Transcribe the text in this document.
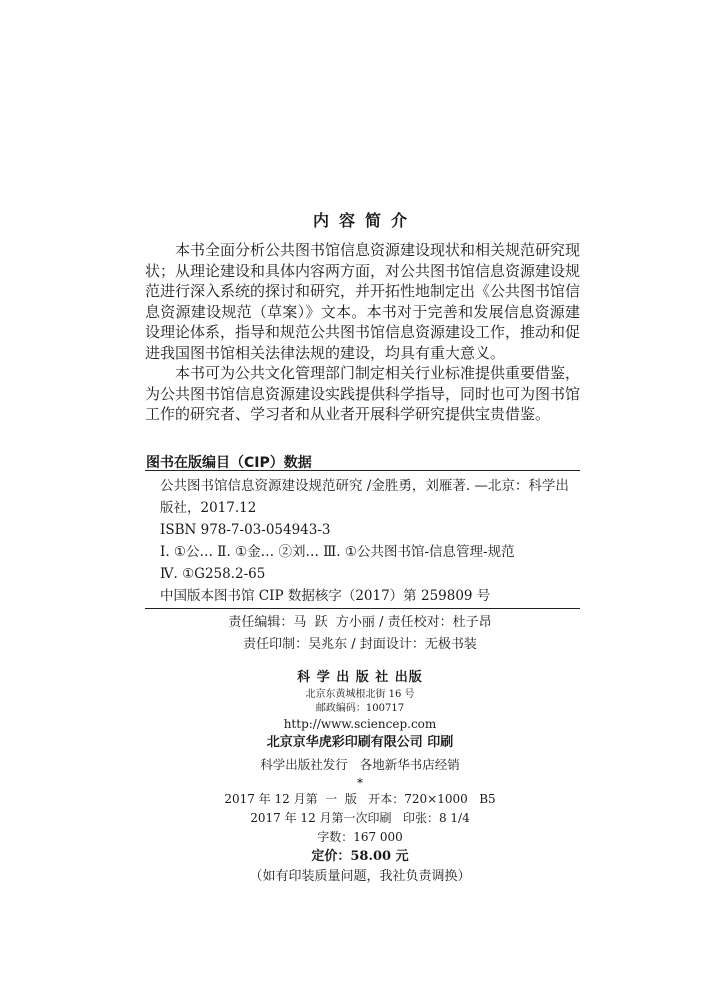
内容简介

本书全面分析公共图书馆信息资源建设现状和相关规范研究现状；从理论建设和具体内容两方面，对公共图书馆信息资源建设规范进行深入系统的探讨和研究，并开拓性地制定出《公共图书馆信息资源建设规范（草案）》文本。本书对于完善和发展信息资源建设理论体系，指导和规范公共图书馆信息资源建设工作，推动和促进我国图书馆相关法律法规的建设，均具有重大意义。

本书可为公共文化管理部门制定相关行业标准提供重要借鉴，为公共图书馆信息资源建设实践提供科学指导，同时也可为图书馆工作的研究者、学习者和从业者开展科学研究提供宝贵借鉴。

图书在版编目（CIP）数据
公共图书馆信息资源建设规范研究 /金胜勇，刘雁著. —北京：科学出版社，2017.12
ISBN 978-7-03-054943-3
Ⅰ. ①公… Ⅱ. ①金… ②刘… Ⅲ. ①公共图书馆-信息管理-规范
Ⅳ. ①G258.2-65
中国版本图书馆 CIP 数据核字（2017）第 259809 号
责任编辑：马  跃  方小丽 / 责任校对：杜子昂
责任印制：吴兆东 / 封面设计：无极书装
科 学 出 版 社 出版
北京东黄城根北街 16 号
邮政编码：100717
http://www.sciencep.com
北京京华虎彩印刷有限公司 印刷
科学出版社发行   各地新华书店经销
*
2017 年 12 月第  一  版   开本：720×1000   B5
2017 年 12 月第一次印刷   印张：8 1/4
字数：167 000
定价：58.00 元
（如有印装质量问题，我社负责调换）
